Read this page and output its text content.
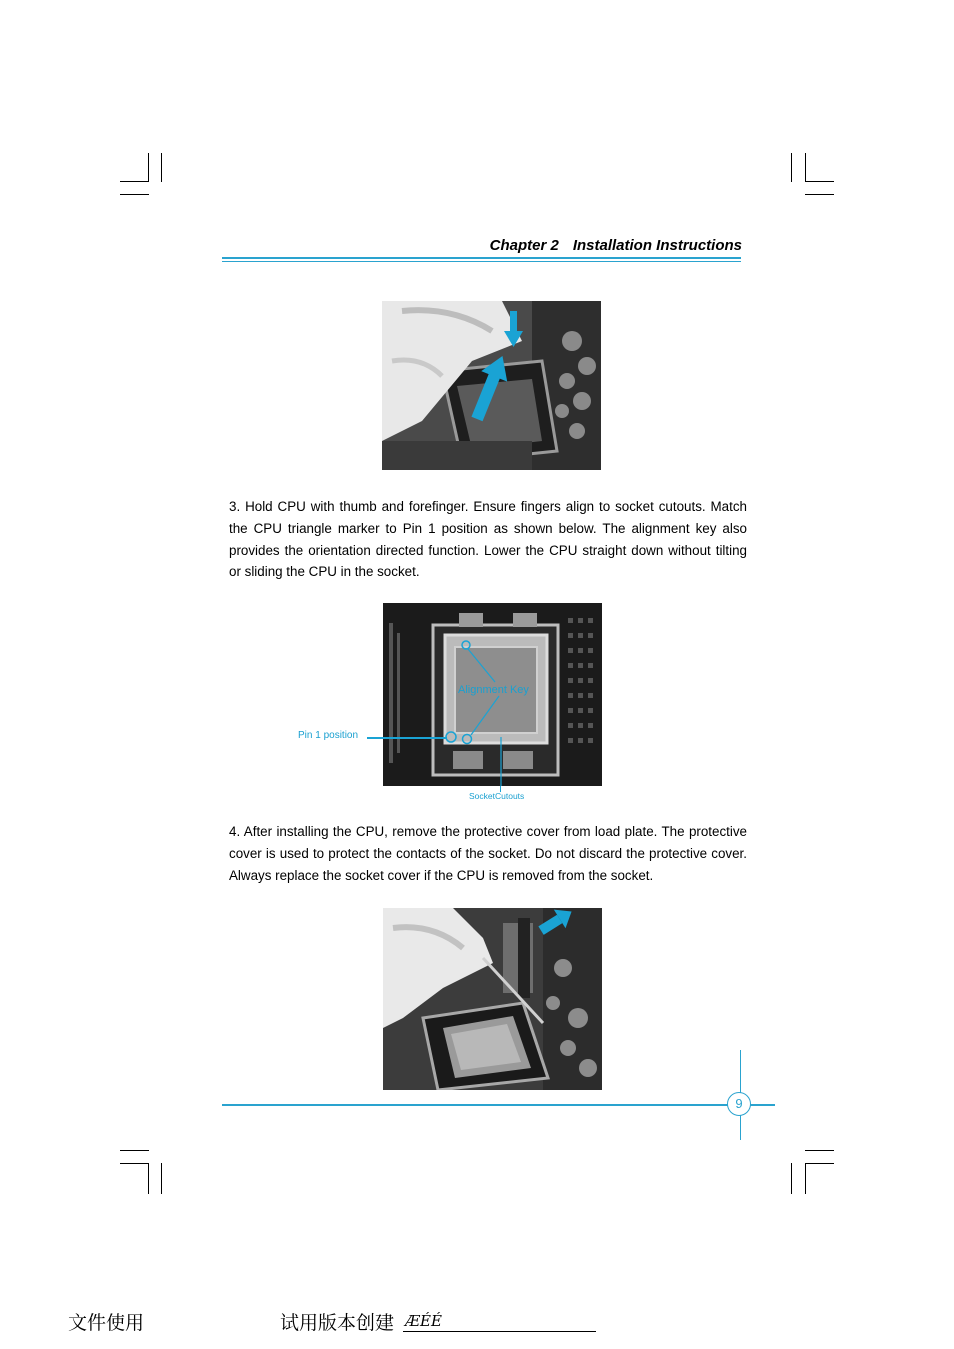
Chapter 2 Installation Instructions
3. Hold CPU with thumb and forefinger. Ensure fingers align to socket cutouts. Match the CPU triangle marker to Pin 1 position as shown below. The alignment key also provides the orientation directed function. Lower the CPU straight down without tilting or sliding the CPU in the socket.
Alignment Key
Pin 1 position
SocketCutouts
4. After installing the CPU, remove the protective cover from load plate. The protective cover is used to protect the contacts of the socket. Do not discard the protective cover. Always replace the socket cover if the CPU is removed from the socket.
9
文件使用	试用版本创建 ÆÉÉ
